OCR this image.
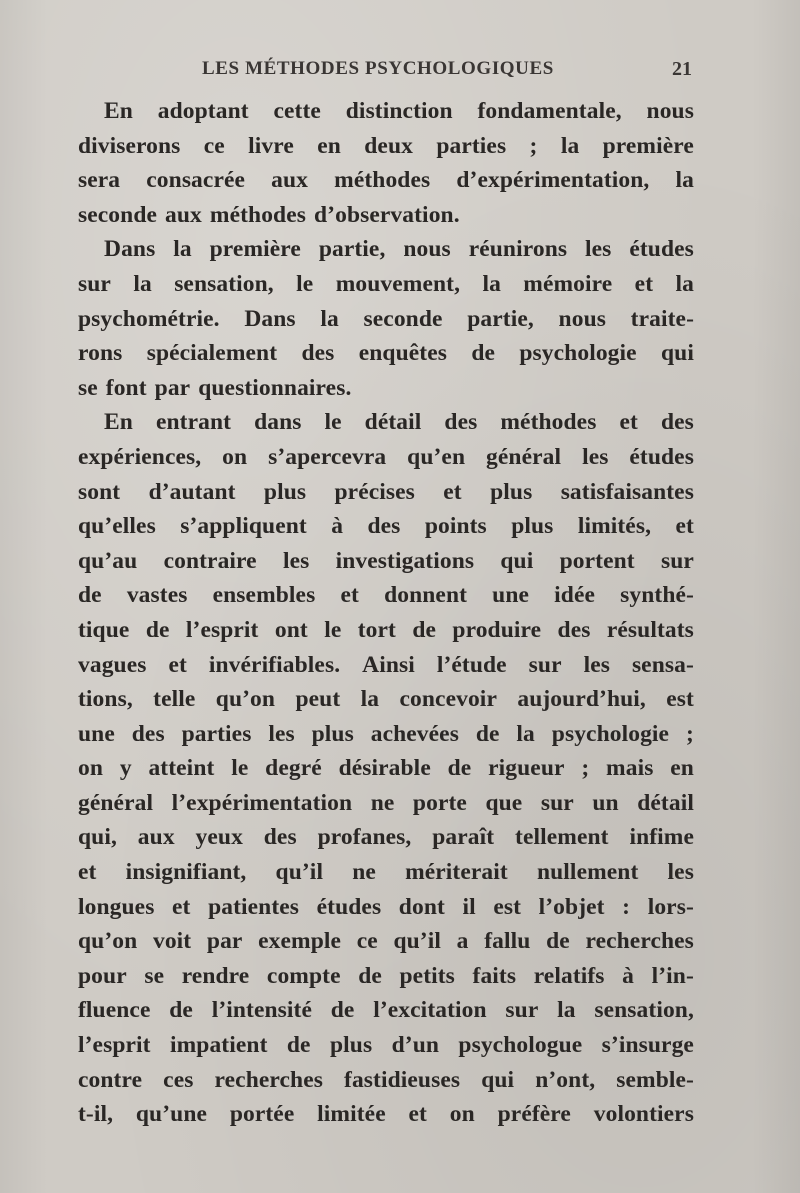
LES MÉTHODES PSYCHOLOGIQUES	21
En adoptant cette distinction fondamentale, nous
diviserons ce livre en deux parties ; la première
sera consacrée aux méthodes d’expérimentation, la
seconde aux méthodes d’observation.
Dans la première partie, nous réunirons les études
sur la sensation, le mouvement, la mémoire et la
psychométrie. Dans la seconde partie, nous traite-
rons spécialement des enquêtes de psychologie qui
se font par questionnaires.
En entrant dans le détail des méthodes et des
expériences, on s’apercevra qu’en général les études
sont d’autant plus précises et plus satisfaisantes
qu’elles s’appliquent à des points plus limités, et
qu’au contraire les investigations qui portent sur
de vastes ensembles et donnent une idée synthé-
tique de l’esprit ont le tort de produire des résultats
vagues et invérifiables. Ainsi l’étude sur les sensa-
tions, telle qu’on peut la concevoir aujourd’hui, est
une des parties les plus achevées de la psychologie ;
on y atteint le degré désirable de rigueur ; mais en
général l’expérimentation ne porte que sur un détail
qui, aux yeux des profanes, paraît tellement infime
et insignifiant, qu’il ne mériterait nullement les
longues et patientes études dont il est l’objet : lors-
qu’on voit par exemple ce qu’il a fallu de recherches
pour se rendre compte de petits faits relatifs à l’in-
fluence de l’intensité de l’excitation sur la sensation,
l’esprit impatient de plus d’un psychologue s’insurge
contre ces recherches fastidieuses qui n’ont, semble-
t-il, qu’une portée limitée et on préfère volontiers
